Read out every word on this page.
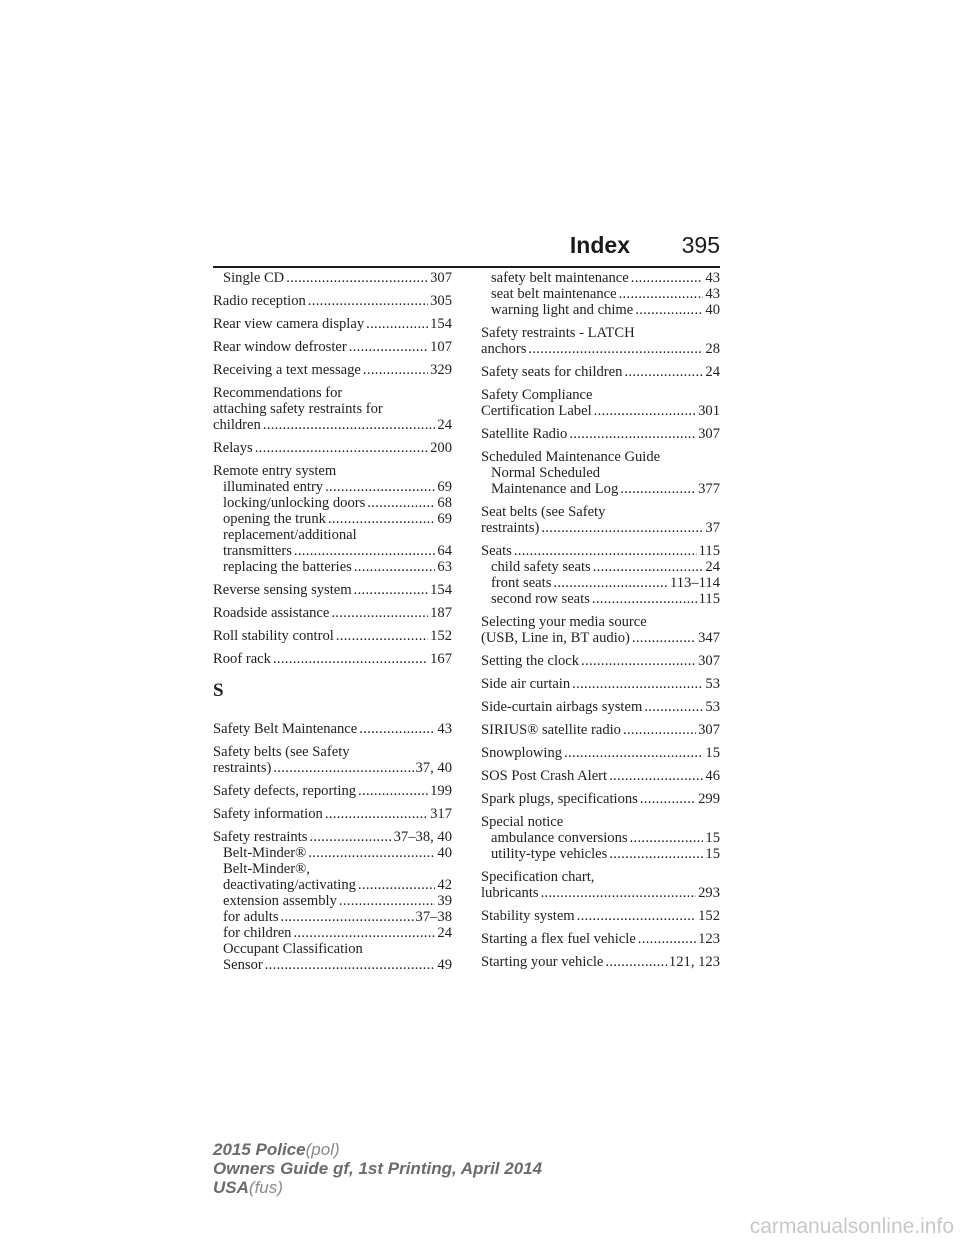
Index 395
Single CD .....	307
Radio reception .....	305
Rear view camera display .....	154
Rear window defroster .....	107
Receiving a text message .....	329
Recommendations for
attaching safety restraints for
children .....	24
Relays .....	200
Remote entry system
illuminated entry .....	69
locking/unlocking doors .....	68
opening the trunk .....	69
replacement/additional
transmitters .....	64
replacing the batteries .....	63
Reverse sensing system .....	154
Roadside assistance .....	187
Roll stability control .....	152
Roof rack .....	167
S
Safety Belt Maintenance .....	43
Safety belts (see Safety
restraints) .....	37, 40
Safety defects, reporting .....	199
Safety information .....	317
Safety restraints .....	37–38, 40
Belt-Minder® .....	40
Belt-Minder®,
deactivating/activating .....	42
extension assembly .....	39
for adults .....	37–38
for children .....	24
Occupant Classification
Sensor .....	49
safety belt maintenance .....	43
seat belt maintenance .....	43
warning light and chime .....	40
Safety restraints - LATCH
anchors .....	28
Safety seats for children .....	24
Safety Compliance
Certification Label .....	301
Satellite Radio .....	307
Scheduled Maintenance Guide
Normal Scheduled
Maintenance and Log .....	377
Seat belts (see Safety
restraints) .....	37
Seats .....	115
child safety seats .....	24
front seats .....	113–114
second row seats .....	115
Selecting your media source
(USB, Line in, BT audio) .....	347
Setting the clock .....	307
Side air curtain .....	53
Side-curtain airbags system .....	53
SIRIUS® satellite radio .....	307
Snowplowing .....	15
SOS Post Crash Alert .....	46
Spark plugs, specifications .....	299
Special notice
ambulance conversions .....	15
utility-type vehicles .....	15
Specification chart,
lubricants .....	293
Stability system .....	152
Starting a flex fuel vehicle .....	123
Starting your vehicle .....	121, 123
2015 Police(pol)
Owners Guide gf, 1st Printing, April 2014
USA(fus)
carmanualsonline.info
